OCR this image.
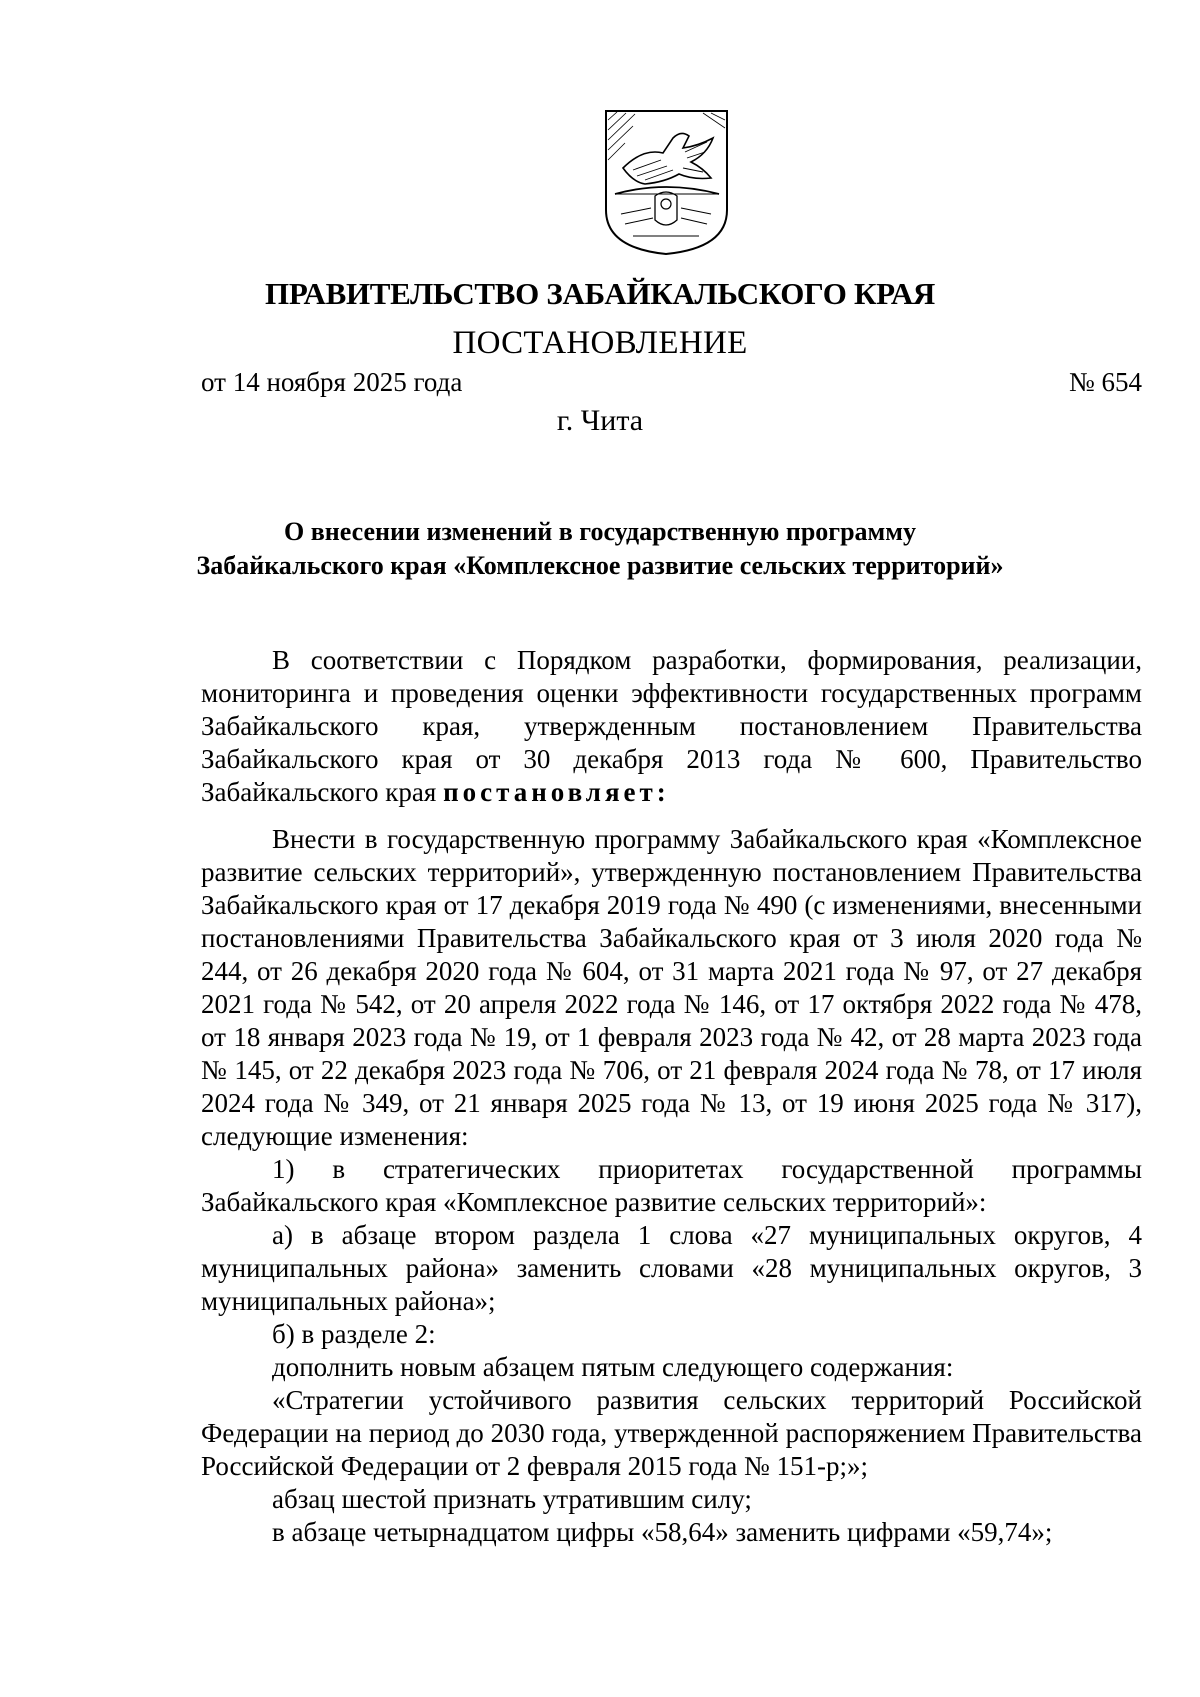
ПРАВИТЕЛЬСТВО ЗАБАЙКАЛЬСКОГО КРАЯ
ПОСТАНОВЛЕНИЕ
от 14 ноября 2025 года	№ 654
г. Чита
О внесении изменений в государственную программу
Забайкальского края «Комплексное развитие сельских территорий»

В соответствии с Порядком разработки, формирования, реализации, мониторинга и проведения оценки эффективности государственных программ Забайкальского края, утвержденным постановлением Правительства Забайкальского края от 30 декабря 2013 года № 600, Правительство Забайкальского края постановляет:

Внести в государственную программу Забайкальского края «Комплексное развитие сельских территорий», утвержденную постановлением Правительства Забайкальского края от 17 декабря 2019 года № 490 (с изменениями, внесенными постановлениями Правительства Забайкальского края от 3 июля 2020 года № 244, от 26 декабря 2020 года № 604, от 31 марта 2021 года № 97, от 27 декабря 2021 года № 542, от 20 апреля 2022 года № 146, от 17 октября 2022 года № 478, от 18 января 2023 года № 19, от 1 февраля 2023 года № 42, от 28 марта 2023 года № 145, от 22 декабря 2023 года № 706, от 21 февраля 2024 года № 78, от 17 июля 2024 года № 349, от 21 января 2025 года № 13, от 19 июня 2025 года № 317), следующие изменения:

1) в стратегических приоритетах государственной программы Забайкальского края «Комплексное развитие сельских территорий»:

а) в абзаце втором раздела 1 слова «27 муниципальных округов, 4 муниципальных района» заменить словами «28 муниципальных округов, 3 муниципальных района»;

б) в разделе 2:

дополнить новым абзацем пятым следующего содержания:

«Стратегии устойчивого развития сельских территорий Российской Федерации на период до 2030 года, утвержденной распоряжением Правительства Российской Федерации от 2 февраля 2015 года № 151-р;»;

абзац шестой признать утратившим силу;

в абзаце четырнадцатом цифры «58,64» заменить цифрами «59,74»;
